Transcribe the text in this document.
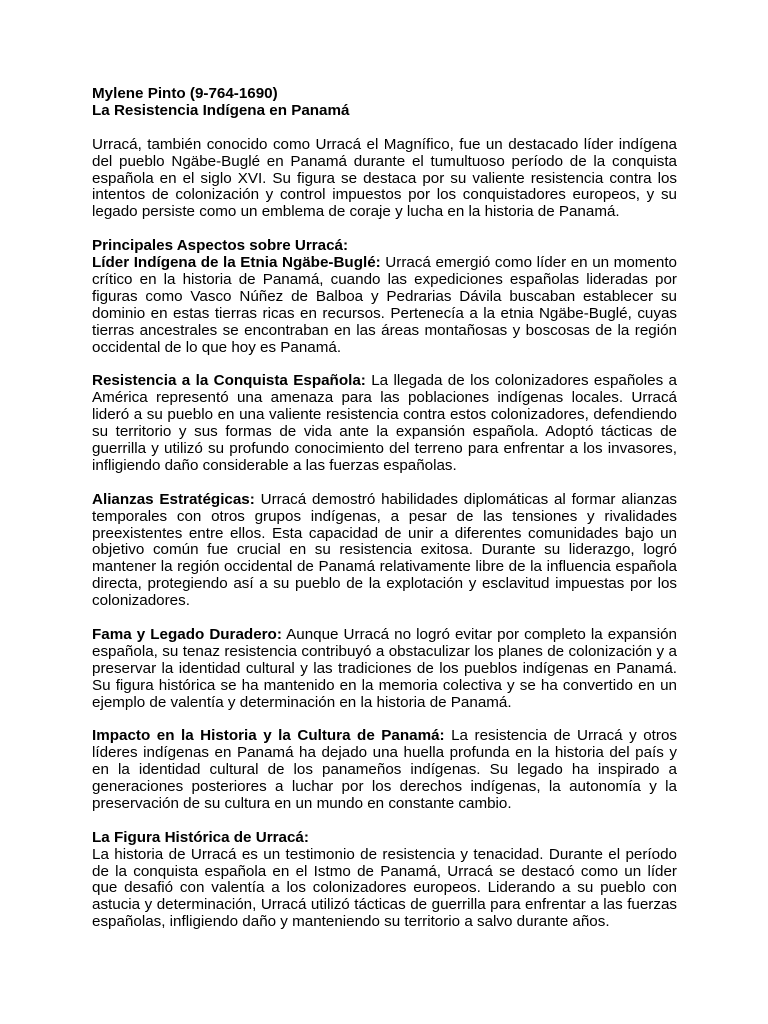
Mylene Pinto (9-764-1690)
La Resistencia Indígena en Panamá

Urracá, también conocido como Urracá el Magnífico, fue un destacado líder indígena del pueblo Ngäbe-Buglé en Panamá durante el tumultuoso período de la conquista española en el siglo XVI. Su figura se destaca por su valiente resistencia contra los intentos de colonización y control impuestos por los conquistadores europeos, y su legado persiste como un emblema de coraje y lucha en la historia de Panamá.

Principales Aspectos sobre Urracá:

Líder Indígena de la Etnia Ngäbe-Buglé: Urracá emergió como líder en un momento crítico en la historia de Panamá, cuando las expediciones españolas lideradas por figuras como Vasco Núñez de Balboa y Pedrarias Dávila buscaban establecer su dominio en estas tierras ricas en recursos. Pertenecía a la etnia Ngäbe-Buglé, cuyas tierras ancestrales se encontraban en las áreas montañosas y boscosas de la región occidental de lo que hoy es Panamá.

Resistencia a la Conquista Española: La llegada de los colonizadores españoles a América representó una amenaza para las poblaciones indígenas locales. Urracá lideró a su pueblo en una valiente resistencia contra estos colonizadores, defendiendo su territorio y sus formas de vida ante la expansión española. Adoptó tácticas de guerrilla y utilizó su profundo conocimiento del terreno para enfrentar a los invasores, infligiendo daño considerable a las fuerzas españolas.

Alianzas Estratégicas: Urracá demostró habilidades diplomáticas al formar alianzas temporales con otros grupos indígenas, a pesar de las tensiones y rivalidades preexistentes entre ellos. Esta capacidad de unir a diferentes comunidades bajo un objetivo común fue crucial en su resistencia exitosa. Durante su liderazgo, logró mantener la región occidental de Panamá relativamente libre de la influencia española directa, protegiendo así a su pueblo de la explotación y esclavitud impuestas por los colonizadores.

Fama y Legado Duradero: Aunque Urracá no logró evitar por completo la expansión española, su tenaz resistencia contribuyó a obstaculizar los planes de colonización y a preservar la identidad cultural y las tradiciones de los pueblos indígenas en Panamá. Su figura histórica se ha mantenido en la memoria colectiva y se ha convertido en un ejemplo de valentía y determinación en la historia de Panamá.

Impacto en la Historia y la Cultura de Panamá: La resistencia de Urracá y otros líderes indígenas en Panamá ha dejado una huella profunda en la historia del país y en la identidad cultural de los panameños indígenas. Su legado ha inspirado a generaciones posteriores a luchar por los derechos indígenas, la autonomía y la preservación de su cultura en un mundo en constante cambio.

La Figura Histórica de Urracá:

La historia de Urracá es un testimonio de resistencia y tenacidad. Durante el período de la conquista española en el Istmo de Panamá, Urracá se destacó como un líder que desafió con valentía a los colonizadores europeos. Liderando a su pueblo con astucia y determinación, Urracá utilizó tácticas de guerrilla para enfrentar a las fuerzas españolas, infligiendo daño y manteniendo su territorio a salvo durante años.
